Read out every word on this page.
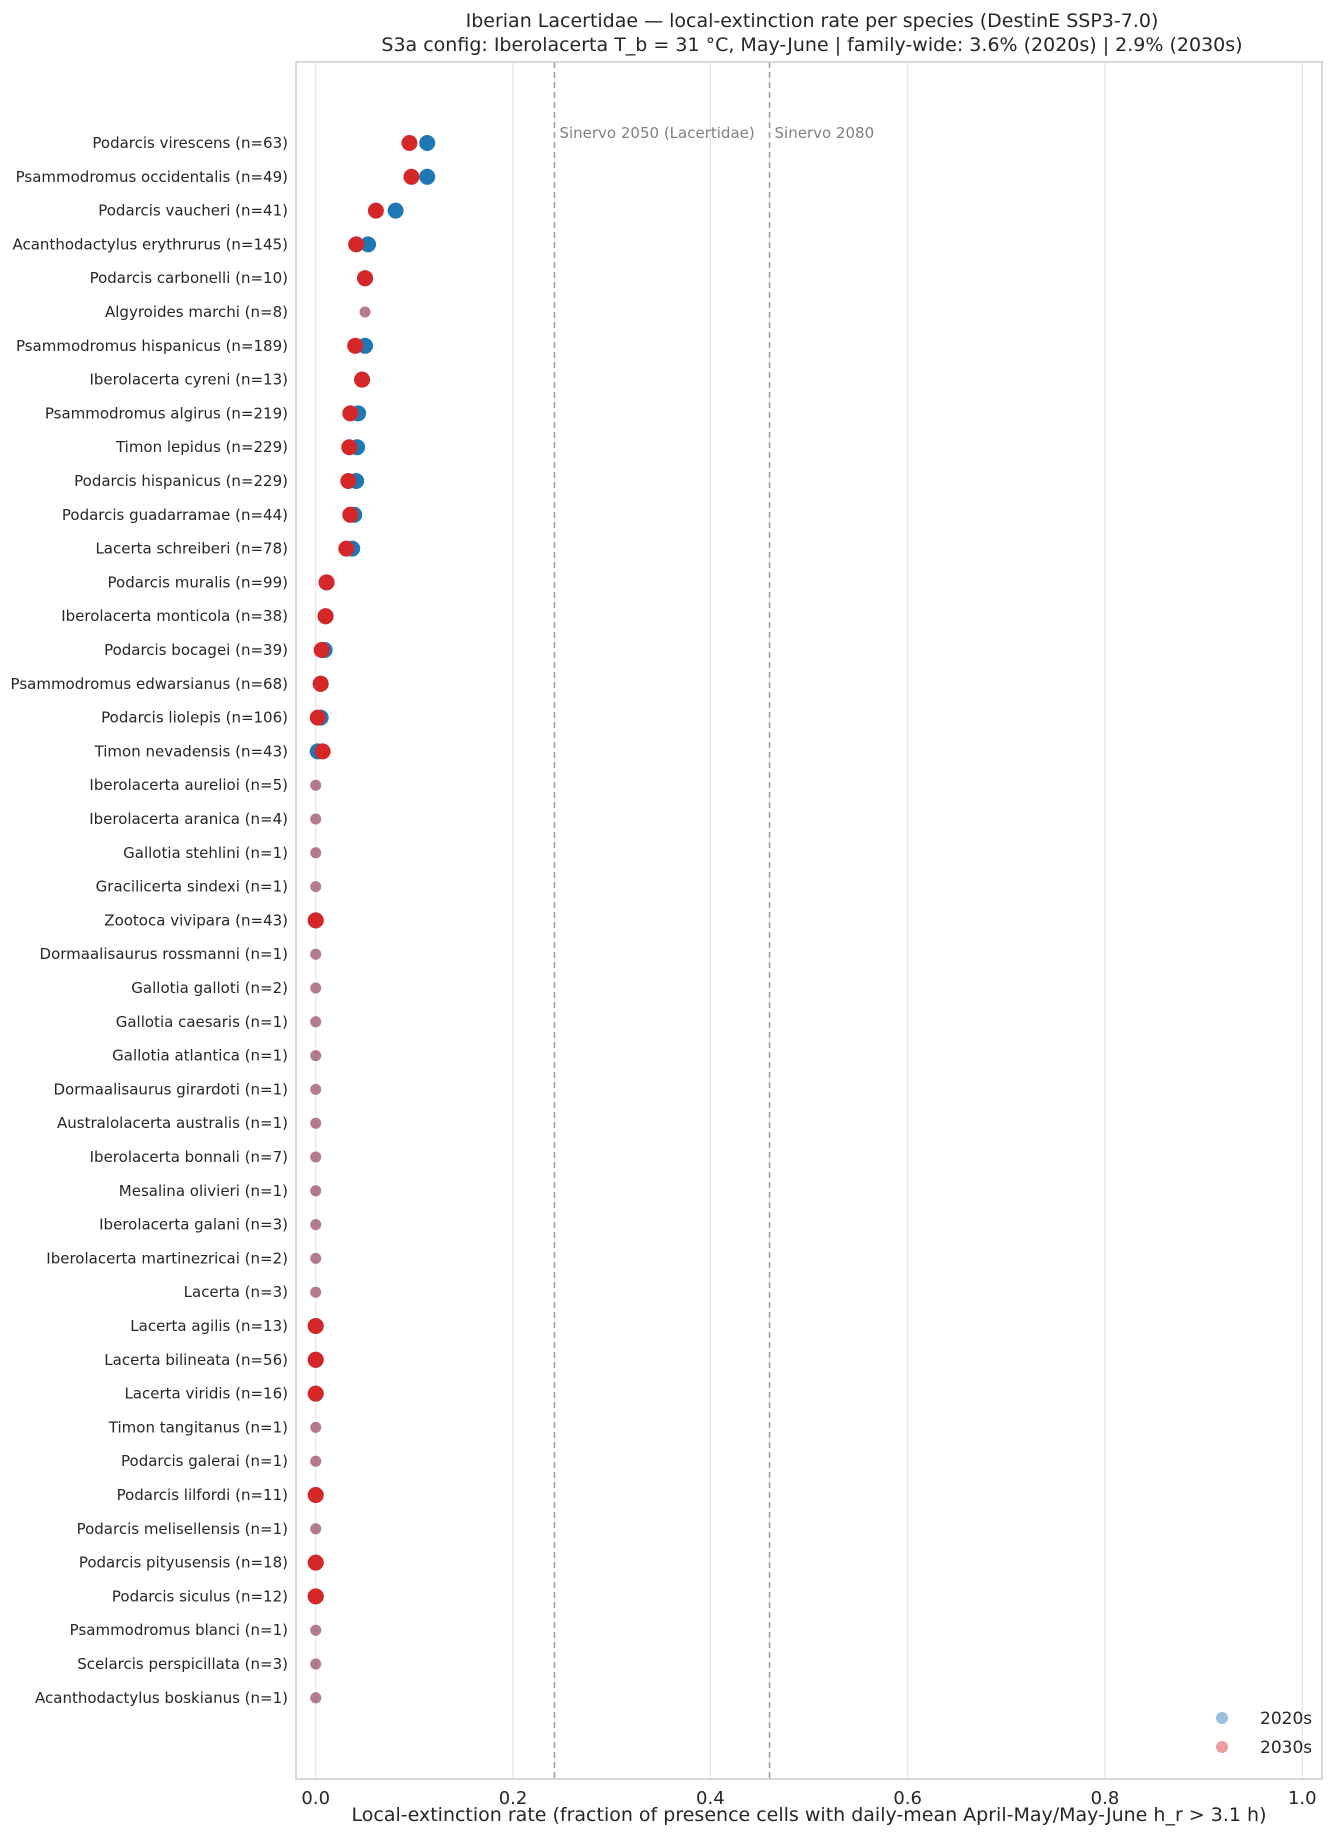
Iberian Lacertidae — local-extinction rate per species (DestinE SSP3-7.0)
S3a config: Iberolacerta T_b = 31 °C, May-June | family-wide: 3.6% (2020s) | 2.9% (2030s)
Sinervo 2050 (Lacertidae) Sinervo 2080
Podarcis virescens (n=63)
Psammodromus occidentalis (n=49)
Podarcis vaucheri (n=41)
Acanthodactylus erythrurus (n=145)
Podarcis carbonelli (n=10)
Algyroides marchi (n=8)
Psammodromus hispanicus (n=189)
Iberolacerta cyreni (n=13)
Psammodromus algirus (n=219)
Timon lepidus (n=229)
Podarcis hispanicus (n=229)
Podarcis guadarramae (n=44)
Lacerta schreiberi (n=78)
Podarcis muralis (n=99)
Iberolacerta monticola (n=38)
Podarcis bocagei (n=39)
Psammodromus edwarsianus (n=68)
Podarcis liolepis (n=106)
Timon nevadensis (n=43)
Iberolacerta aurelioi (n=5)
Iberolacerta aranica (n=4)
Gallotia stehlini (n=1)
Gracilicerta sindexi (n=1)
Zootoca vivipara (n=43)
Dormaalisaurus rossmanni (n=1)
Gallotia galloti (n=2)
Gallotia caesaris (n=1)
Gallotia atlantica (n=1)
Dormaalisaurus girardoti (n=1)
Australolacerta australis (n=1)
Iberolacerta bonnali (n=7)
Mesalina olivieri (n=1)
Iberolacerta galani (n=3)
Iberolacerta martinezricai (n=2)
Lacerta (n=3)
Lacerta agilis (n=13)
Lacerta bilineata (n=56)
Lacerta viridis (n=16)
Timon tangitanus (n=1)
Podarcis galerai (n=1)
Podarcis lilfordi (n=11)
Podarcis melisellensis (n=1)
Podarcis pityusensis (n=18)
Podarcis siculus (n=12)
Psammodromus blanci (n=1)
Scelarcis perspicillata (n=3)
Acanthodactylus boskianus (n=1)
0.0	0.2	0.4	0.6	0.8	1.0
Local-extinction rate (fraction of presence cells with daily-mean April-May/May-June h_r > 3.1 h)
2020s
2030s
